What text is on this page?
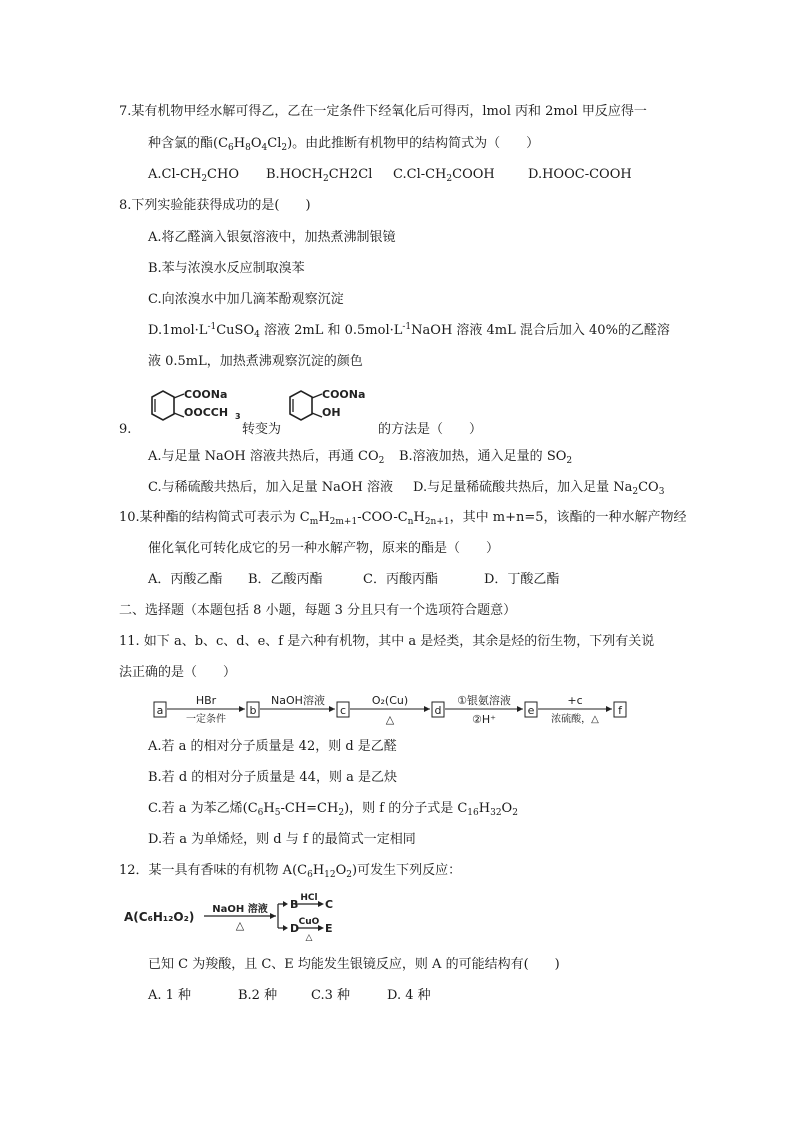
7.某有机物甲经水解可得乙，乙在一定条件下经氧化后可得丙，lmol 丙和 2mol 甲反应得一
种含氯的酯$(C_6H_8O_4Cl_2)$。由此推断有机物甲的结构简式为（　　）
$A.Cl-CH_2CHO$ $B.HOCH_2CH2Cl$ $C.Cl-CH_2COOH$	D.HOOC-COOH
8.下列实验能获得成功的是(　　)
A.将乙醛滴入银氨溶液中，加热煮沸制银镜
B.苯与浓溴水反应制取溴苯
C.向浓溴水中加几滴苯酚观察沉淀
$D.1mol\cdot L^{-1}CuSO_4$ 溶液 2mL 和 $0.5mol\cdot L^{-1}NaOH$ 溶液 4mL 混合后加入 40%的乙醛溶
液 0.5mL，加热煮沸观察沉淀的颜色
9.
COONa
OOCCH 3
转变为
COONa
OH
的方法是（　　）
A.与足量 NaOH 溶液共热后，再通 $CO_2$ B.溶液加热，通入足量的 $SO_2$
C.与稀硫酸共热后，加入足量 NaOH 溶液 D.与足量稀硫酸共热后，加入足量 $Na_2CO_3$
10.某种酯的结构简式可表示为 $C_mH_{2m+1}-COO-C_nH_{2n+1}$，其中 m+n=5，该酯的一种水解产物经
催化氧化可转化成它的另一种水解产物，原来的酯是（　　）
A．丙酸乙酯 B．乙酸丙酯	C．丙酸丙酯	D．丁酸乙酯
二、选择题（本题包括 8 小题，每题 3 分且只有一个选项符合题意）
11. 如下 a、b、c、d、e、f 是六种有机物，其中 a 是烃类，其余是烃的衍生物，下列有关说
法正确的是（　　）
a	b	c	d	e	f
HBr
一定条件
NaOH溶液	O₂(Cu)
△
①银氨溶液
②H⁺
+c
浓硫酸，△
A.若 a 的相对分子质量是 42，则 d 是乙醛
B.若 d 的相对分子质量是 44，则 a 是乙炔
C.若 a 为苯乙烯$(C_6H_5-CH=CH_2)$，则 f 的分子式是 $C_{16}H_{32}O_2$
D.若 a 为单烯烃，则 d 与 f 的最简式一定相同
12．某一具有香味的有机物 $A(C_6H_{12}O_2)$可发生下列反应：
A(C₆H₁₂O₂)
NaOH 溶液
△
B HCl C
D CuO
△
E
已知 C 为羧酸，且 C、E 均能发生银镜反应，则 A 的可能结构有(　　)
A. 1 种	B.2 种	C.3 种	D. 4 种
